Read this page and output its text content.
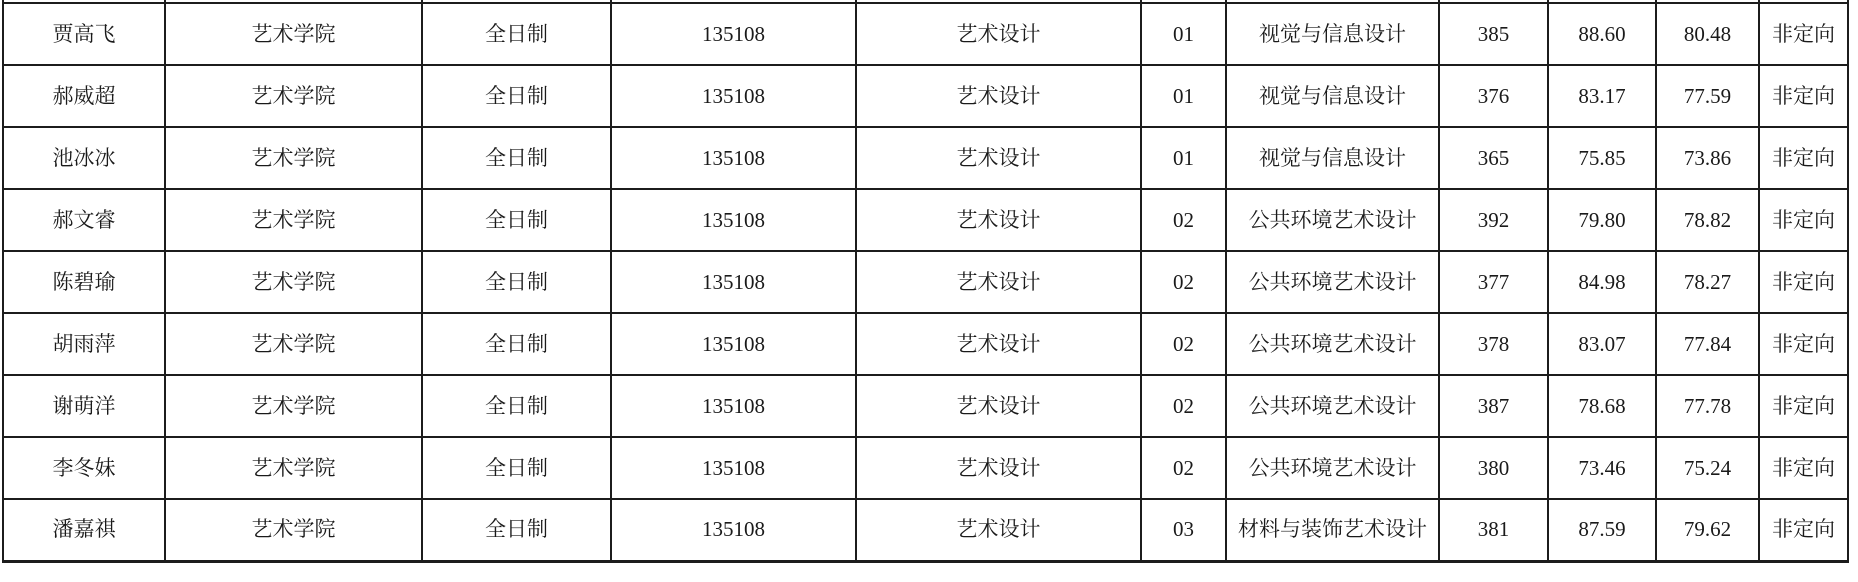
贾高飞	艺术学院	全日制	135108	艺术设计	01	视觉与信息设计	385	88.60	80.48	非定向
郝威超	艺术学院	全日制	135108	艺术设计	01	视觉与信息设计	376	83.17	77.59	非定向
池冰冰	艺术学院	全日制	135108	艺术设计	01	视觉与信息设计	365	75.85	73.86	非定向
郝文睿	艺术学院	全日制	135108	艺术设计	02	公共环境艺术设计	392	79.80	78.82	非定向
陈碧瑜	艺术学院	全日制	135108	艺术设计	02	公共环境艺术设计	377	84.98	78.27	非定向
胡雨萍	艺术学院	全日制	135108	艺术设计	02	公共环境艺术设计	378	83.07	77.84	非定向
谢萌洋	艺术学院	全日制	135108	艺术设计	02	公共环境艺术设计	387	78.68	77.78	非定向
李冬妹	艺术学院	全日制	135108	艺术设计	02	公共环境艺术设计	380	73.46	75.24	非定向
潘嘉祺	艺术学院	全日制	135108	艺术设计	03	材料与装饰艺术设计	381	87.59	79.62	非定向
